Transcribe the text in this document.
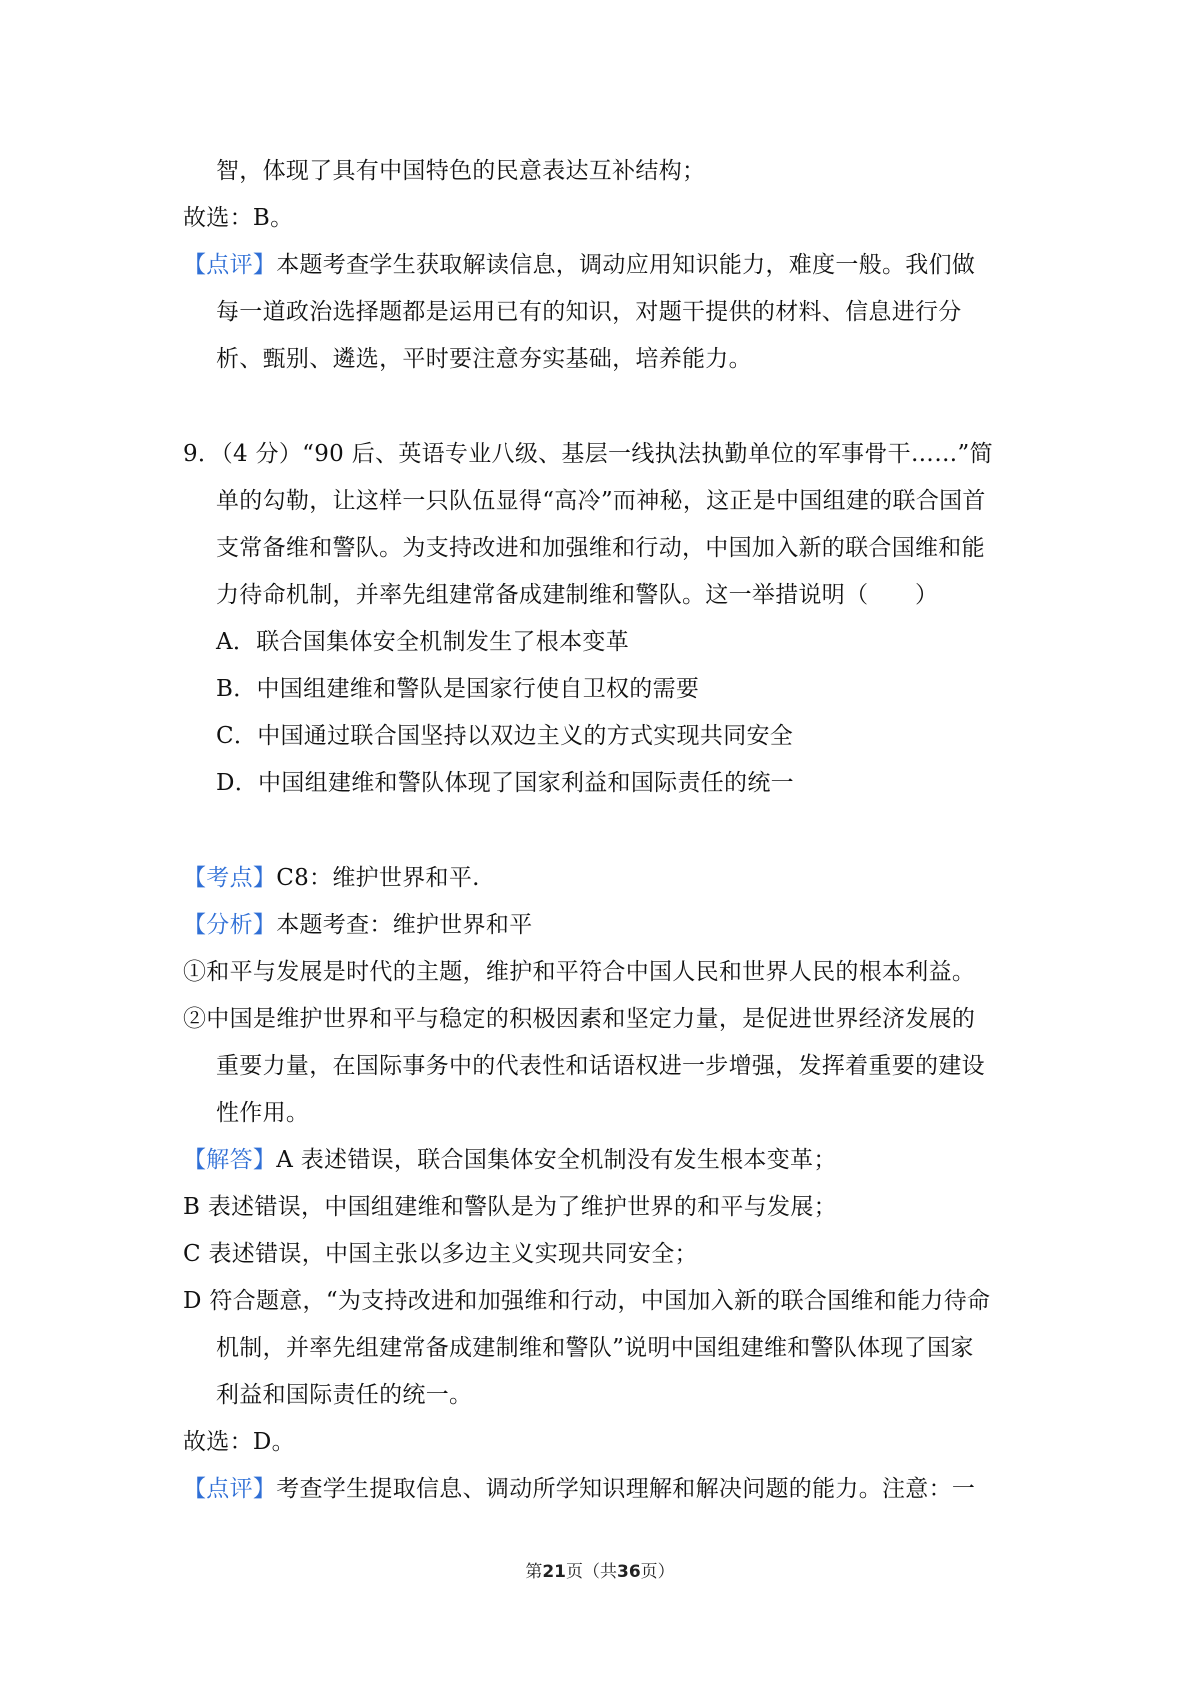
智，体现了具有中国特色的民意表达互补结构；
故选：B。
【点评】本题考查学生获取解读信息，调动应用知识能力，难度一般。我们做
每一道政治选择题都是运用已有的知识，对题干提供的材料、信息进行分
析、甄别、遴选，平时要注意夯实基础，培养能力。
9．（4 分）“90 后、英语专业八级、基层一线执法执勤单位的军事骨干……”简
单的勾勒，让这样一只队伍显得“高冷”而神秘，这正是中国组建的联合国首
支常备维和警队。为支持改进和加强维和行动，中国加入新的联合国维和能
力待命机制，并率先组建常备成建制维和警队。这一举措说明（　　）
A．联合国集体安全机制发生了根本变革
B．中国组建维和警队是国家行使自卫权的需要
C．中国通过联合国坚持以双边主义的方式实现共同安全
D．中国组建维和警队体现了国家利益和国际责任的统一
【考点】C8：维护世界和平.
【分析】本题考查：维护世界和平
①和平与发展是时代的主题，维护和平符合中国人民和世界人民的根本利益。
②中国是维护世界和平与稳定的积极因素和坚定力量，是促进世界经济发展的
重要力量，在国际事务中的代表性和话语权进一步增强，发挥着重要的建设
性作用。
【解答】A 表述错误，联合国集体安全机制没有发生根本变革；
B 表述错误，中国组建维和警队是为了维护世界的和平与发展；
C 表述错误，中国主张以多边主义实现共同安全；
D 符合题意，“为支持改进和加强维和行动，中国加入新的联合国维和能力待命
机制，并率先组建常备成建制维和警队”说明中国组建维和警队体现了国家
利益和国际责任的统一。
故选：D。
【点评】考查学生提取信息、调动所学知识理解和解决问题的能力。注意：一
第21页（共36页）
